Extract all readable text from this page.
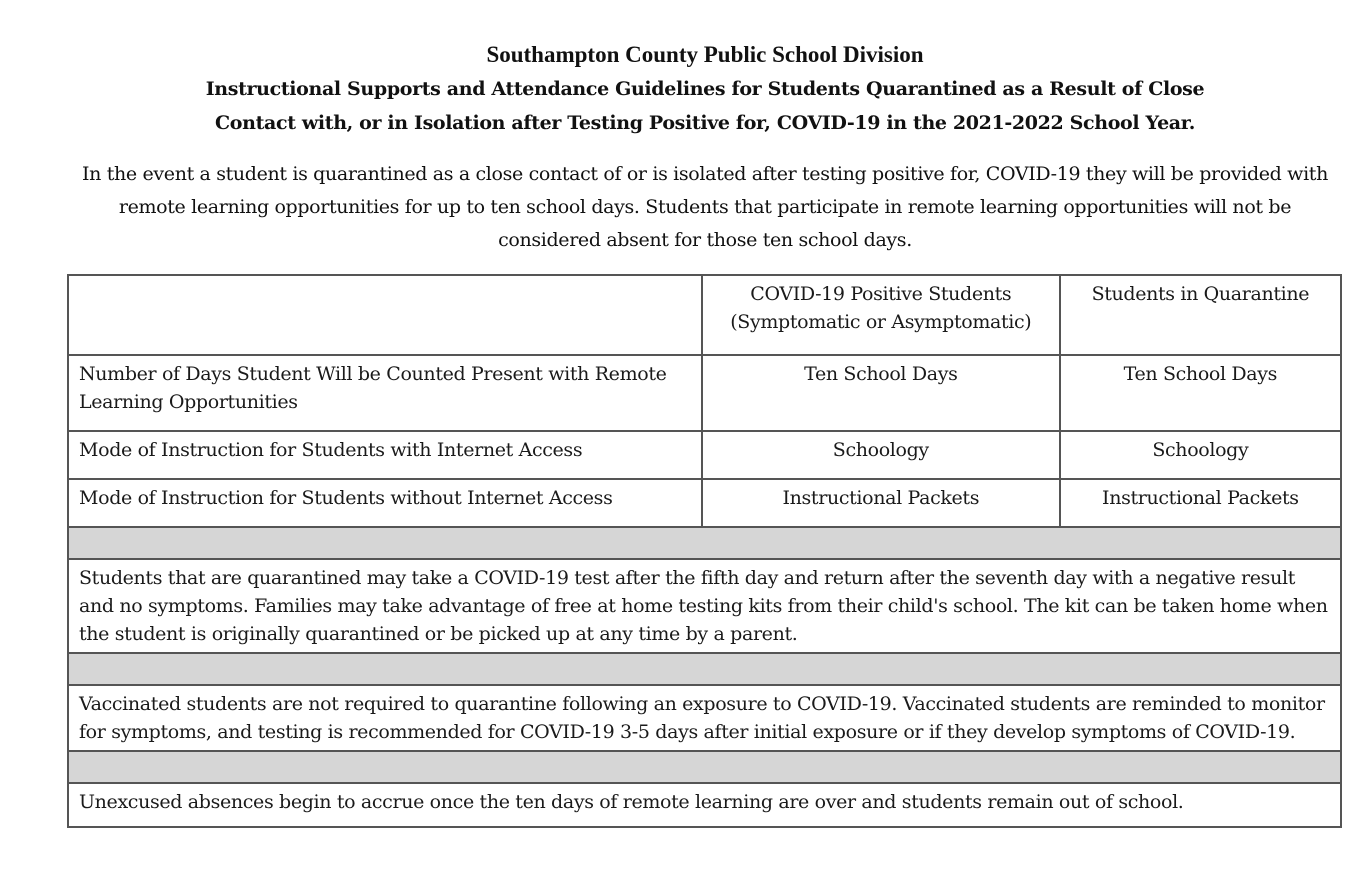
Southampton County Public School Division

Instructional Supports and Attendance Guidelines for Students Quarantined as a Result of Close

Contact with, or in Isolation after Testing Positive for, COVID-19 in the 2021-2022 School Year.

In the event a student is quarantined as a close contact of or is isolated after testing positive for, COVID-19 they will be provided with remote learning opportunities for up to ten school days. Students that participate in remote learning opportunities will not be considered absent for those ten school days.
	COVID-19 Positive Students (Symptomatic or Asymptomatic)	Students in Quarantine
Number of Days Student Will be Counted Present with Remote Learning Opportunities	Ten School Days	Ten School Days
Mode of Instruction for Students with Internet Access	Schoology	Schoology
Mode of Instruction for Students without Internet Access	Instructional Packets	Instructional Packets

Students that are quarantined may take a COVID-19 test after the fifth day and return after the seventh day with a negative result and no symptoms. Families may take advantage of free at home testing kits from their child's school. The kit can be taken home when the student is originally quarantined or be picked up at any time by a parent.		

Vaccinated students are not required to quarantine following an exposure to COVID-19. Vaccinated students are reminded to monitor for symptoms, and testing is recommended for COVID-19 3-5 days after initial exposure or if they develop symptoms of COVID-19.		

Unexcused absences begin to accrue once the ten days of remote learning are over and students remain out of school.		
